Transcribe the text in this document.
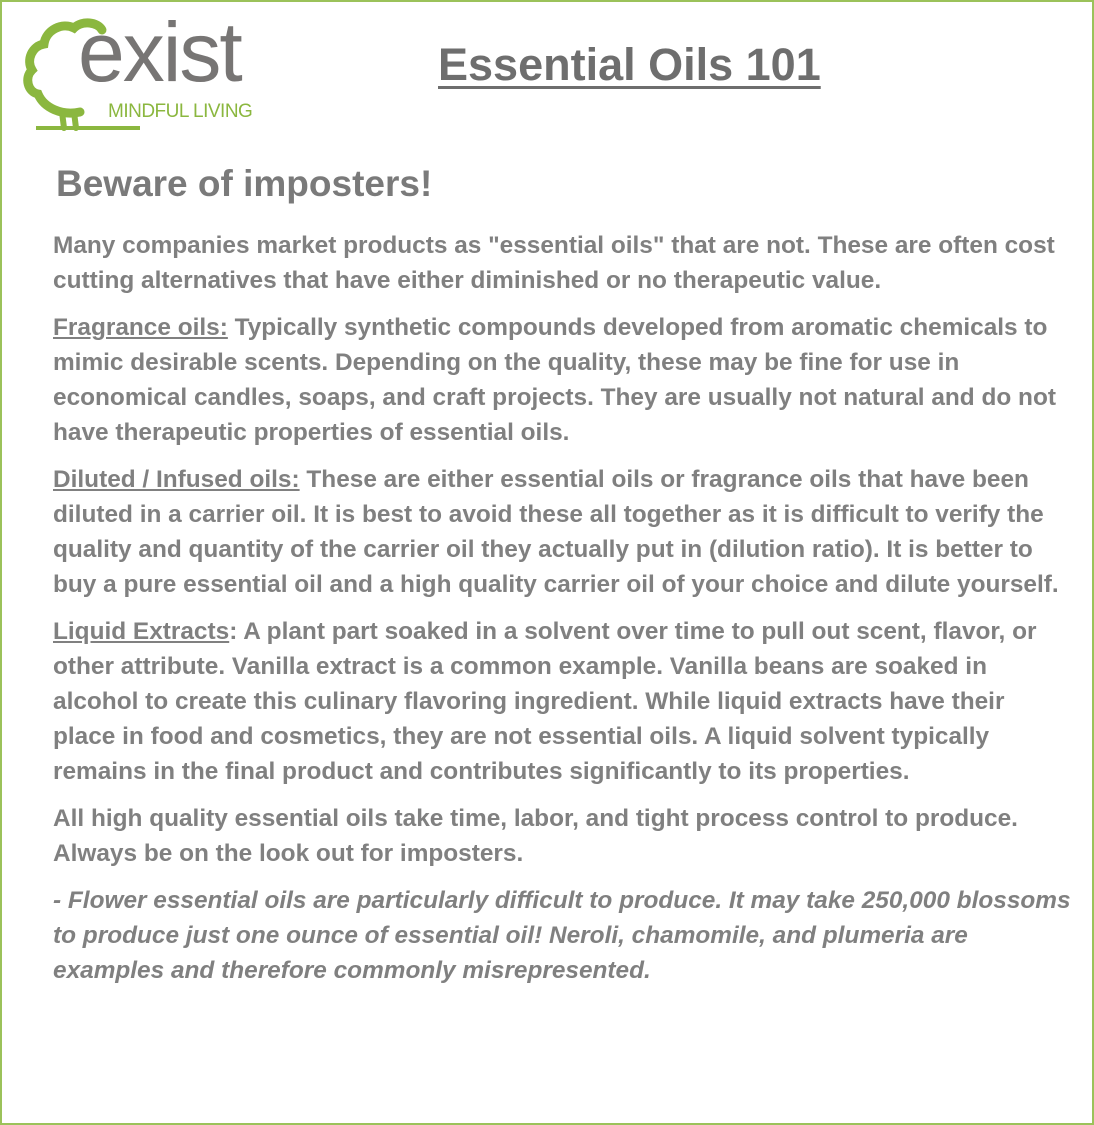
exist
MINDFUL LIVING
Essential Oils 101
Beware of imposters!

Many companies market products as "essential oils" that are not. These are often cost cutting alternatives that have either diminished or no therapeutic value.

Fragrance oils: Typically synthetic compounds developed from aromatic chemicals to mimic desirable scents. Depending on the quality, these may be fine for use in economical candles, soaps, and craft projects. They are usually not natural and do not have therapeutic properties of essential oils.

Diluted / Infused oils: These are either essential oils or fragrance oils that have been diluted in a carrier oil. It is best to avoid these all together as it is difficult to verify the quality and quantity of the carrier oil they actually put in (dilution ratio). It is better to buy a pure essential oil and a high quality carrier oil of your choice and dilute yourself.

Liquid Extracts: A plant part soaked in a solvent over time to pull out scent, flavor, or other attribute. Vanilla extract is a common example. Vanilla beans are soaked in alcohol to create this culinary flavoring ingredient. While liquid extracts have their place in food and cosmetics, they are not essential oils. A liquid solvent typically remains in the final product and contributes significantly to its properties.

All high quality essential oils take time, labor, and tight process control to produce. Always be on the look out for imposters.

- Flower essential oils are particularly difficult to produce. It may take 250,000 blossoms to produce just one ounce of essential oil! Neroli, chamomile, and plumeria are examples and therefore commonly misrepresented.
